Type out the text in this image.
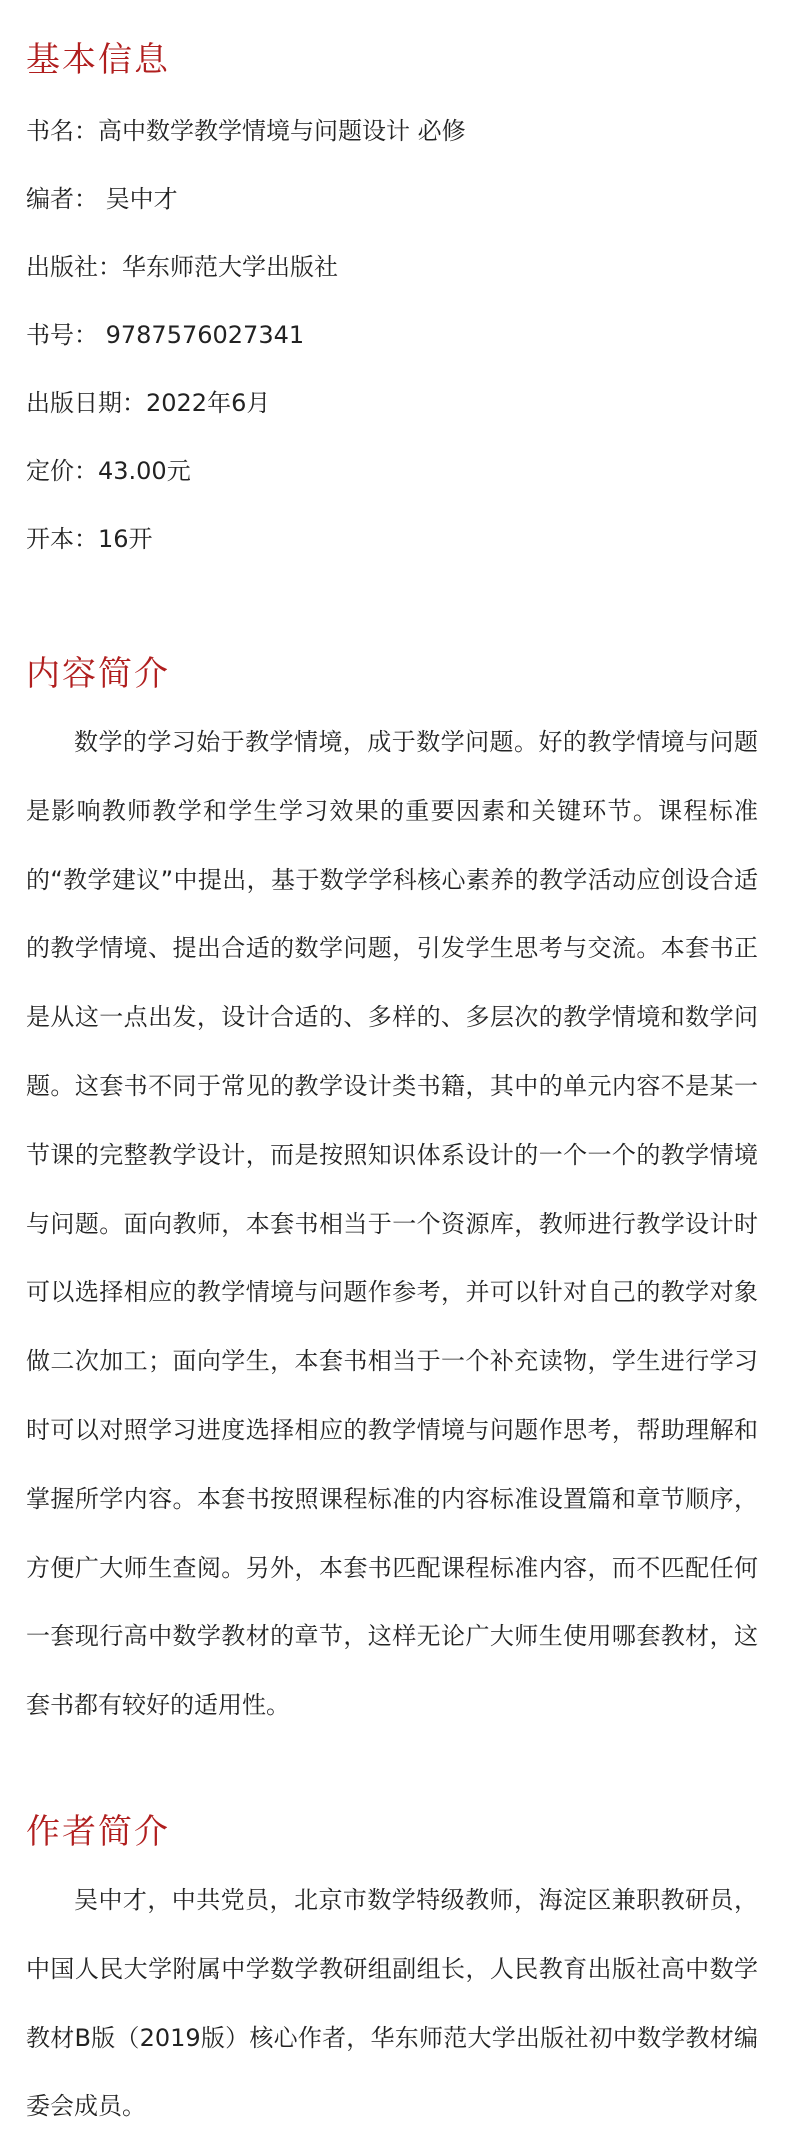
基本信息

书名：高中数学教学情境与问题设计 必修

编者： 吴中才

出版社：华东师范大学出版社

书号： 9787576027341

出版日期：2022年6月

定价：43.00元

开本：16开

内容简介

数学的学习始于教学情境，成于数学问题。好的教学情境与问题是影响教师教学和学生学习效果的重要因素和关键环节。课程标准的“教学建议”中提出，基于数学学科核心素养的教学活动应创设合适的教学情境、提出合适的数学问题，引发学生思考与交流。本套书正是从这一点出发，设计合适的、多样的、多层次的教学情境和数学问题。这套书不同于常见的教学设计类书籍，其中的单元内容不是某一节课的完整教学设计，而是按照知识体系设计的一个一个的教学情境与问题。面向教师，本套书相当于一个资源库，教师进行教学设计时可以选择相应的教学情境与问题作参考，并可以针对自己的教学对象做二次加工；面向学生，本套书相当于一个补充读物，学生进行学习时可以对照学习进度选择相应的教学情境与问题作思考，帮助理解和掌握所学内容。本套书按照课程标准的内容标准设置篇和章节顺序，方便广大师生查阅。另外，本套书匹配课程标准内容，而不匹配任何一套现行高中数学教材的章节，这样无论广大师生使用哪套教材，这套书都有较好的适用性。

作者简介

吴中才，中共党员，北京市数学特级教师，海淀区兼职教研员，中国人民大学附属中学数学教研组副组长，人民教育出版社高中数学教材B版（2019版）核心作者，华东师范大学出版社初中数学教材编委会成员。
